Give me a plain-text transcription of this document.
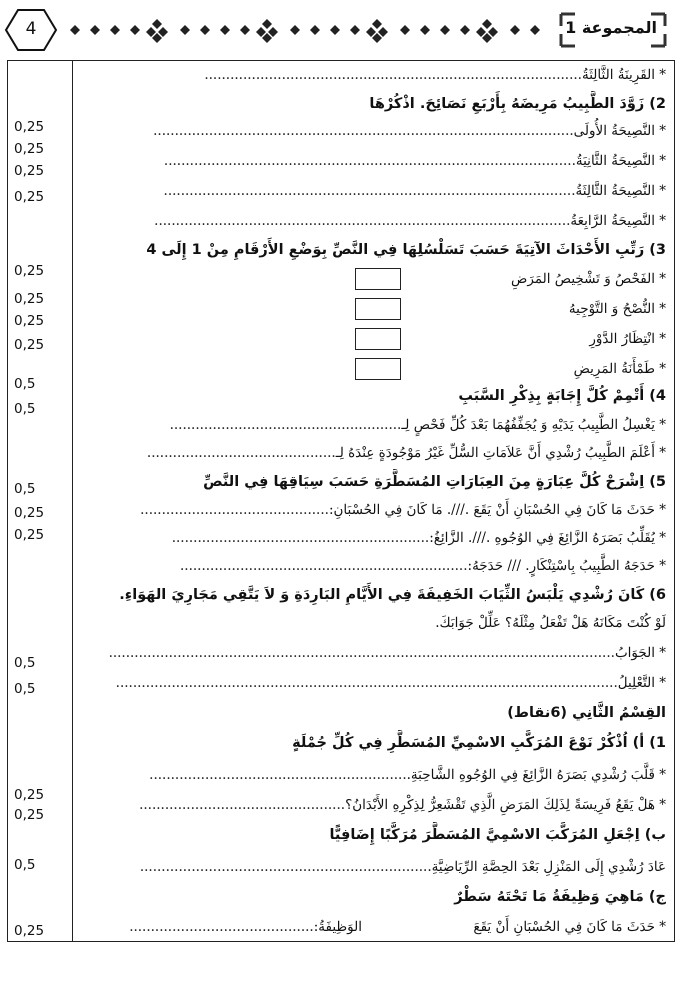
4	المجموعة 1
* القَرِينَةُ الثَّالِثَةُ........................................................................................
2) زَوَّدَ الطَّبِيبُ مَرِيضَهُ بِأَرْبَعِ نَصَائِحَ. اذْكُرْهَا
* النَّصِيحَةُ الأُولَى..................................................................................................
* النَّصِيحَةُ الثَّانِيَةُ................................................................................................
* النَّصِيحَةُ الثَّالِثَةُ................................................................................................
* النَّصِيحَةُ الرَّابِعَةُ.................................................................................................
3) رَتِّبِ الأَحْدَاثَ الآتِيَةَ حَسَبَ تَسَلْسُلِهَا فِي النَّصِّ بِوَضْعِ الأَرْقَامِ مِنْ 1 إِلَى 4
* الفَحْصُ وَ تَشْخِيصُ المَرَضِ
* النُّصْحُ وَ التَّوْجِيهُ
* انْتِظَارُ الدَّوْرِ
* طَمْأَنَةُ المَرِيضِ
4) أَتْمِمْ كُلَّ إِجَابَةٍ بِذِكْرِ السَّبَبِ
* يَغْسِلُ الطَّبِيبُ يَدَيْهِ وَ يُجَفِّفُهُمَا بَعْدَ كُلِّ فَحْصٍ لِـ......................................................
* أَعْلَمَ الطَّبِيبُ رُشْدِي أَنَّ عَلاَمَاتِ السُّلِّ غَيْرُ مَوْجُودَةٍ عِنْدَهُ لِـ............................................
5) اِشْرَحْ كُلَّ عِبَارَةٍ مِنَ العِبَارَاتِ المُسَطَّرَةِ حَسَبَ سِيَاقِهَا فِي النَّصِّ
* حَدَثَ مَا كَانَ فِي الحُسْبَانِ أَنْ يَقَعَ .///. مَا كَانَ فِي الحُسْبَانِ:............................................
* يُقَلِّبُ بَصَرَهُ الزَّائِغَ فِي الوُجُوهِ .///. الزَّائِغُ:............................................................
* حَدَجَهُ الطَّبِيبُ بِاسْتِنْكَارٍ. /// حَدَجَهُ:...................................................................
6) كَانَ رُشْدِي يَلْبَسُ الثِّيَابَ الخَفِيفَةَ فِي الأَيَّامِ البَارِدَةِ وَ لاَ يَتَّقِي مَجَارِيَ الهَوَاءِ.
لَوْ كُنْتَ مَكَانَهُ هَلْ تَفْعَلُ مِثْلَهُ؟ عَلِّلْ جَوَابَكَ.
* الجَوَابُ......................................................................................................................
* التَّعْلِيلُ.....................................................................................................................
القِسْمُ الثَّانِي (6نقاط)
1) أ) اُذْكُرْ نَوْعَ المُرَكَّبِ الاسْمِيِّ المُسَطَّرِ فِي كُلِّ جُمْلَةٍ
* قَلَّبَ رُشْدِي بَصَرَهُ الزَّائِغَ فِي الوُجُوهِ الشَّاحِبَةِ.............................................................
* هَلْ يَقَعُ فَرِيسَةً لِذَلِكَ المَرَضِ الَّذِي تَقْشَعِرُّ لِذِكْرِهِ الأَبْدَانُ؟................................................
ب) اِجْعَلِ المُرَكَّبَ الاسْمِيَّ المُسَطَّرَ مُرَكَّبًا إِضَافِيًّا
عَادَ رُشْدِي إِلَى المَنْزِلِ بَعْدَ الحِصَّةِ الرِّيَاضِيَّةِ....................................................................
ج) مَاهِيَ وَظِيفَةُ مَا تَحْتَهُ سَطْرٌ
* حَدَثَ مَا كَانَ فِي الحُسْبَانِ أَنْ يَقَعَ
الوَظِيفَةُ:...........................................
0,25
0,25
0,25
0,25
0,25
0,25
0,25
0,25
0,5
0,5
0,5
0,25
0,25
0,5
0,5
0,25
0,25
0,5
0,25
